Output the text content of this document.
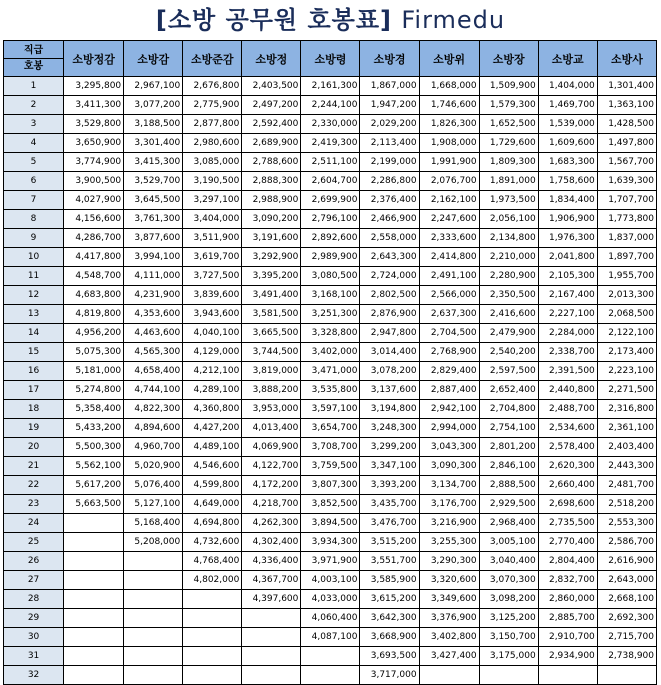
[소방 공무원 호봉표] Firmedu
직급
호봉	소방정감	소방감	소방준감	소방정	소방령	소방경	소방위	소방장	소방교	소방사
1	3,295,800	2,967,100	2,676,800	2,403,500	2,161,300	1,867,000	1,668,000	1,509,900	1,404,000	1,301,400
2	3,411,300	3,077,200	2,775,900	2,497,200	2,244,100	1,947,200	1,746,600	1,579,300	1,469,700	1,363,100
3	3,529,800	3,188,500	2,877,800	2,592,400	2,330,000	2,029,200	1,826,300	1,652,500	1,539,000	1,428,500
4	3,650,900	3,301,400	2,980,600	2,689,900	2,419,300	2,113,400	1,908,000	1,729,600	1,609,600	1,497,800
5	3,774,900	3,415,300	3,085,000	2,788,600	2,511,100	2,199,000	1,991,900	1,809,300	1,683,300	1,567,700
6	3,900,500	3,529,700	3,190,500	2,888,300	2,604,700	2,286,800	2,076,700	1,891,000	1,758,600	1,639,300
7	4,027,900	3,645,500	3,297,100	2,988,900	2,699,900	2,376,400	2,162,100	1,973,500	1,834,400	1,707,700
8	4,156,600	3,761,300	3,404,000	3,090,200	2,796,100	2,466,900	2,247,600	2,056,100	1,906,900	1,773,800
9	4,286,700	3,877,600	3,511,900	3,191,600	2,892,600	2,558,000	2,333,600	2,134,800	1,976,300	1,837,000
10	4,417,800	3,994,100	3,619,700	3,292,900	2,989,900	2,643,300	2,414,800	2,210,000	2,041,800	1,897,700
11	4,548,700	4,111,000	3,727,500	3,395,200	3,080,500	2,724,000	2,491,100	2,280,900	2,105,300	1,955,700
12	4,683,800	4,231,900	3,839,600	3,491,400	3,168,100	2,802,500	2,566,000	2,350,500	2,167,400	2,013,300
13	4,819,800	4,353,600	3,943,600	3,581,500	3,251,300	2,876,900	2,637,300	2,416,600	2,227,100	2,068,500
14	4,956,200	4,463,600	4,040,100	3,665,500	3,328,800	2,947,800	2,704,500	2,479,900	2,284,000	2,122,100
15	5,075,300	4,565,300	4,129,000	3,744,500	3,402,000	3,014,400	2,768,900	2,540,200	2,338,700	2,173,400
16	5,181,000	4,658,400	4,212,100	3,819,000	3,471,000	3,078,200	2,829,400	2,597,500	2,391,500	2,223,100
17	5,274,800	4,744,100	4,289,100	3,888,200	3,535,800	3,137,600	2,887,400	2,652,400	2,440,800	2,271,500
18	5,358,400	4,822,300	4,360,800	3,953,000	3,597,100	3,194,800	2,942,100	2,704,800	2,488,700	2,316,800
19	5,433,200	4,894,600	4,427,200	4,013,400	3,654,700	3,248,300	2,994,000	2,754,100	2,534,600	2,361,100
20	5,500,300	4,960,700	4,489,100	4,069,900	3,708,700	3,299,200	3,043,300	2,801,200	2,578,400	2,403,400
21	5,562,100	5,020,900	4,546,600	4,122,700	3,759,500	3,347,100	3,090,300	2,846,100	2,620,300	2,443,300
22	5,617,200	5,076,400	4,599,800	4,172,200	3,807,300	3,393,200	3,134,700	2,888,500	2,660,400	2,481,700
23	5,663,500	5,127,100	4,649,000	4,218,700	3,852,500	3,435,700	3,176,700	2,929,500	2,698,600	2,518,200
24		5,168,400	4,694,800	4,262,300	3,894,500	3,476,700	3,216,900	2,968,400	2,735,500	2,553,300
25		5,208,000	4,732,600	4,302,400	3,934,300	3,515,200	3,255,300	3,005,100	2,770,400	2,586,700
26			4,768,400	4,336,400	3,971,900	3,551,700	3,290,300	3,040,400	2,804,400	2,616,900
27			4,802,000	4,367,700	4,003,100	3,585,900	3,320,600	3,070,300	2,832,700	2,643,000
28				4,397,600	4,033,000	3,615,200	3,349,600	3,098,200	2,860,000	2,668,100
29					4,060,400	3,642,300	3,376,900	3,125,200	2,885,700	2,692,300
30					4,087,100	3,668,900	3,402,800	3,150,700	2,910,700	2,715,700
31						3,693,500	3,427,400	3,175,000	2,934,900	2,738,900
32						3,717,000				
